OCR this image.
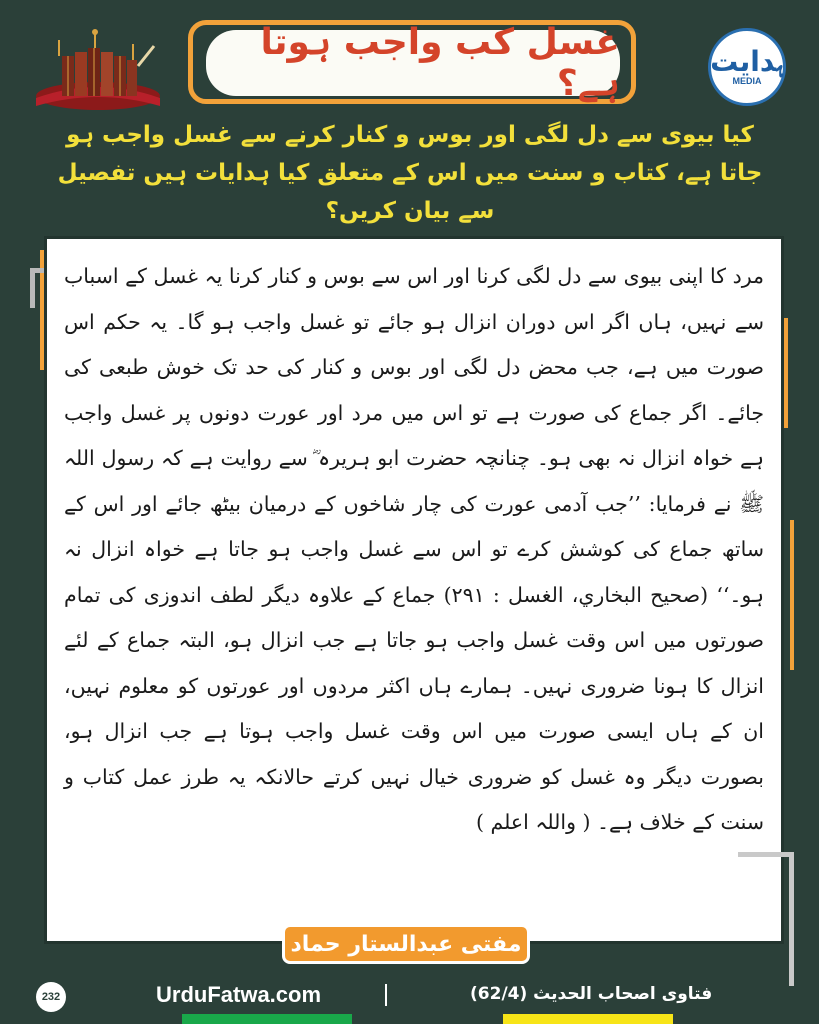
غسل کب واجب ہوتا ہے؟
ﮨﺪﺍﯾﺖ
MEDIA
کیا بیوی سے دل لگی اور بوس و کنار کرنے سے غسل واجب ہو جاتا ہے، کتاب و سنت میں اس کے متعلق کیا ہدایات ہیں تفصیل سے بیان کریں؟
مرد کا اپنی بیوی سے دل لگی کرنا اور اس سے بوس و کنار کرنا یہ غسل کے اسباب سے نہیں، ہاں اگر اس دوران انزال ہو جائے تو غسل واجب ہو گا۔ یہ حکم اس صورت میں ہے، جب محض دل لگی اور بوس و کنار کی حد تک خوش طبعی کی جائے۔ اگر جماع کی صورت ہے تو اس میں مرد اور عورت دونوں پر غسل واجب ہے خواہ انزال نہ بھی ہو۔ چنانچہ حضرت ابو ہریرہ ؓ سے روایت ہے کہ رسول اللہ ﷺ نے فرمایا: ’’جب آدمی عورت کی چار شاخوں کے درمیان بیٹھ جائے اور اس کے ساتھ جماع کی کوشش کرے تو اس سے غسل واجب ہو جاتا ہے خواہ انزال نہ ہو۔‘‘ (صحيح البخاري، الغسل : ٢٩١) جماع کے علاوہ دیگر لطف اندوزی کی تمام صورتوں میں اس وقت غسل واجب ہو جاتا ہے جب انزال ہو، البتہ جماع کے لئے انزال کا ہونا ضروری نہیں۔ ہمارے ہاں اکثر مردوں اور عورتوں کو معلوم نہیں، ان کے ہاں ایسی صورت میں اس وقت غسل واجب ہوتا ہے جب انزال ہو، بصورت دیگر وہ غسل کو ضروری خیال نہیں کرتے حالانکہ یہ طرز عمل کتاب و سنت کے خلاف ہے۔ ( واللہ اعلم )
مفتی عبدالستار حماد
232	UrduFatwa.com	فتاوی اصحاب الحدیث (62/4)
